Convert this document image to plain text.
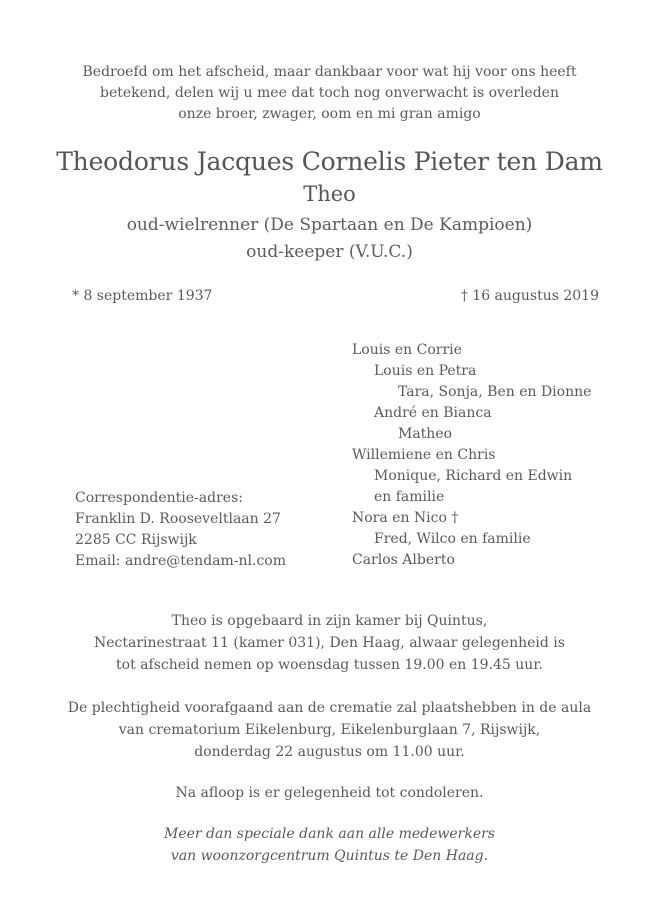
Bedroefd om het afscheid, maar dankbaar voor wat hij voor ons heeft
betekend, delen wij u mee dat toch nog onverwacht is overleden
onze broer, zwager, oom en mi gran amigo
Theodorus Jacques Cornelis Pieter ten Dam
Theo
oud-wielrenner (De Spartaan en De Kampioen)
oud-keeper (V.U.C.)
* 8 september 1937	† 16 augustus 2019
Louis en Corrie
Louis en Petra
Tara, Sonja, Ben en Dionne
André en Bianca
Matheo
Willemiene en Chris
Monique, Richard en Edwin
en familie
Nora en Nico †
Fred, Wilco en familie
Carlos Alberto
Correspondentie-adres:
Franklin D. Rooseveltlaan 27
2285 CC Rijswijk
Email: andre@tendam-nl.com
Theo is opgebaard in zijn kamer bij Quintus,
Nectarinestraat 11 (kamer 031), Den Haag, alwaar gelegenheid is
tot afscheid nemen op woensdag tussen 19.00 en 19.45 uur.
De plechtigheid voorafgaand aan de crematie zal plaatshebben in de aula
van crematorium Eikelenburg, Eikelenburglaan 7, Rijswijk,
donderdag 22 augustus om 11.00 uur.
Na afloop is er gelegenheid tot condoleren.
Meer dan speciale dank aan alle medewerkers
van woonzorgcentrum Quintus te Den Haag.
